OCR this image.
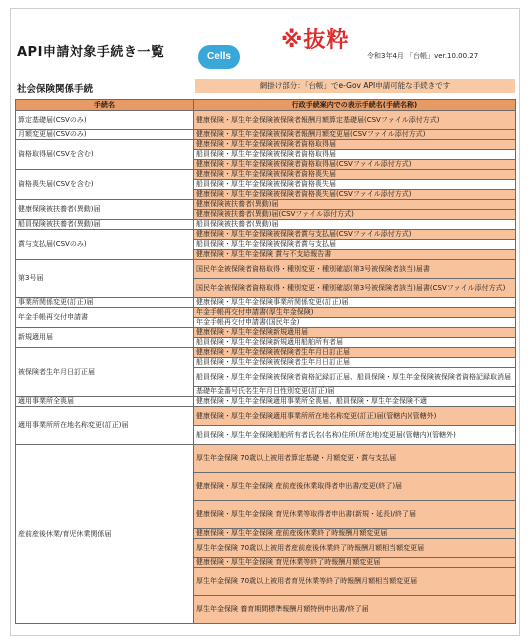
※抜粋
API申請対象手続き一覧	Cells	令和3年4月 「台帳」ver.10.00.27
社会保険関係手続	網掛け部分：「台帳」でe-Gov API申請可能な手続きです
手続名	行政手続案内での表示手続名(手続名称)
算定基礎届(CSVのみ)	健康保険・厚生年金保険被保険者報酬月額算定基礎届(CSVファイル添付方式)
月額変更届(CSVのみ)	健康保険・厚生年金保険被保険者報酬月額変更届(CSVファイル添付方式)
資格取得届(CSVを含む)	健康保険・厚生年金保険被保険者資格取得届
	船員保険・厚生年金保険被保険者資格取得届
	健康保険・厚生年金保険被保険者資格取得届(CSVファイル添付方式)
資格喪失届(CSVを含む)	健康保険・厚生年金保険被保険者資格喪失届
	船員保険・厚生年金保険被保険者資格喪失届
	健康保険・厚生年金保険被保険者資格喪失届(CSVファイル添付方式)
健康保険被扶養者(異動)届	健康保険被扶養者(異動)届
	健康保険被扶養者(異動)届(CSVファイル添付方式)
船員保険被扶養者(異動)届	船員保険被扶養者(異動)届
賞与支払届(CSVのみ)	健康保険・厚生年金保険被保険者賞与支払届(CSVファイル添付方式)
	船員保険・厚生年金保険被保険者賞与支払届
	健康保険・厚生年金保険 賞与不支給報告書
第3号届	国民年金被保険者資格取得・種別変更・種別確認(第3号被保険者該当)届書
	国民年金被保険者資格取得・種別変更・種別確認(第3号被保険者該当)届書(CSVファイル添付方式)
事業所関係変更(訂正)届	健康保険・厚生年金保険事業所関係変更(訂正)届
年金手帳再交付申請書	年金手帳再交付申請書(厚生年金保険)
	年金手帳再交付申請書(国民年金)
新規適用届	健康保険・厚生年金保険新規適用届
	船員保険・厚生年金保険新規適用船舶所有者届
被保険者生年月日訂正届	健康保険・厚生年金保険被保険者生年月日訂正届
	船員保険・厚生年金保険被保険者生年月日訂正届
	船員保険・厚生年金保険被保険者資格記録訂正届、船員保険・厚生年金保険被保険者資格記録取消届
	基礎年金番号氏名生年月日性別変更(訂正)届
適用事業所全喪届	健康保険・厚生年金保険適用事業所全喪届、船員保険・厚生年金保険不適
適用事業所所在地名称変更(訂正)届	健康保険・厚生年金保険適用事業所所在地名称変更(訂正)届(管轄内)(管轄外)
	船員保険・厚生年金保険船舶所有者氏名(名称)住所(所在地)変更届(管轄内)(管轄外)
産前産後休業/育児休業関係届	厚生年金保険 70歳以上被用者算定基礎・月額変更・賞与支払届
	健康保険・厚生年金保険 産前産後休業取得者申出書/変更(終了)届
	健康保険・厚生年金保険 育児休業等取得者申出書(新規・延長)/終了届
	健康保険・厚生年金保険 産前産後休業終了時報酬月額変更届
	厚生年金保険 70歳以上被用者産前産後休業終了時報酬月額相当額変更届
	健康保険・厚生年金保険 育児休業等終了時報酬月額変更届
	厚生年金保険 70歳以上被用者育児休業等終了時報酬月額相当額変更届
	厚生年金保険 養育期間標準報酬月額特例申出書/終了届
